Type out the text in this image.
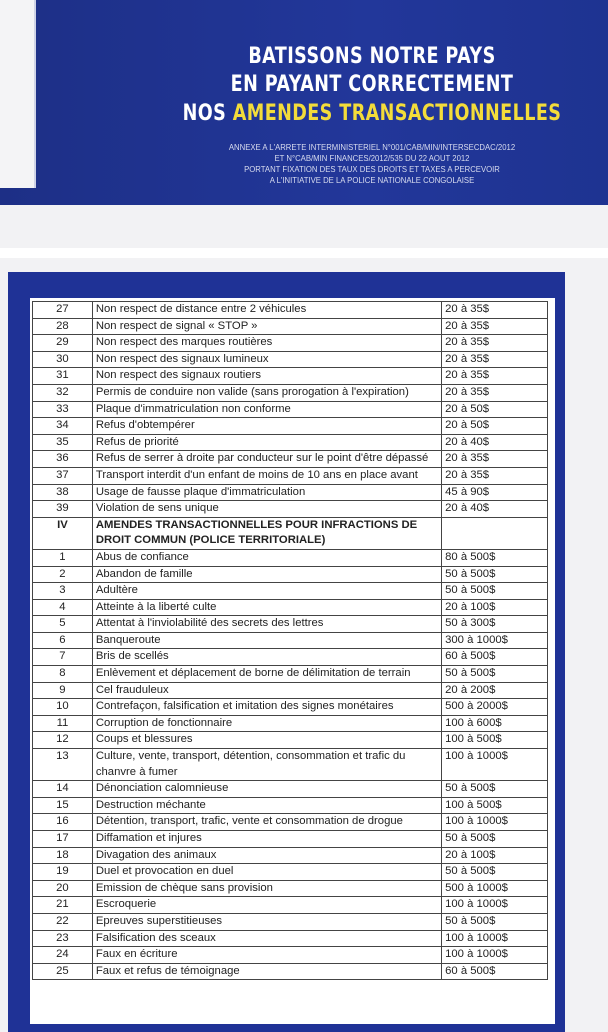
BATISSONS NOTRE PAYS
EN PAYANT CORRECTEMENT
NOS AMENDES TRANSACTIONNELLES
ANNEXE A L'ARRETE INTERMINISTERIEL N°001/CAB/MIN/INTERSECDAC/2012
ET N°CAB/MIN FINANCES/2012/535 DU 22 AOUT 2012
PORTANT FIXATION DES TAUX DES DROITS ET TAXES A PERCEVOIR
A L'INITIATIVE DE LA POLICE NATIONALE CONGOLAISE
27	Non respect de distance entre 2 véhicules	20 à 35$
28	Non respect de signal « STOP »	20 à 35$
29	Non respect des marques routières	20 à 35$
30	Non respect des signaux lumineux	20 à 35$
31	Non respect des signaux routiers	20 à 35$
32	Permis de conduire non valide (sans prorogation à l'expiration)	20 à 35$
33	Plaque d'immatriculation non conforme	20 à 50$
34	Refus d'obtempérer	20 à 50$
35	Refus de priorité	20 à 40$
36	Refus de serrer à droite par conducteur sur le point d'être dépassé	20 à 35$
37	Transport interdit d'un enfant de moins de 10 ans en place avant	20 à 35$
38	Usage de fausse plaque d'immatriculation	45 à 90$
39	Violation de sens unique	20 à 40$
IV	AMENDES TRANSACTIONNELLES POUR INFRACTIONS DE DROIT COMMUN (POLICE TERRITORIALE)	
1	Abus de confiance	80 à 500$
2	Abandon de famille	50 à 500$
3	Adultère	50 à 500$
4	Atteinte à la liberté culte	20 à 100$
5	Attentat à l'inviolabilité des secrets des lettres	50 à 300$
6	Banqueroute	300 à 1000$
7	Bris de scellés	60 à 500$
8	Enlèvement et déplacement de borne de délimitation de terrain	50 à 500$
9	Cel frauduleux	20 à 200$
10	Contrefaçon, falsification et imitation des signes monétaires	500 à 2000$
11	Corruption de fonctionnaire	100 à 600$
12	Coups et blessures	100 à 500$
13	Culture, vente, transport, détention, consommation et trafic du chanvre à fumer	100 à 1000$
14	Dénonciation calomnieuse	50 à 500$
15	Destruction méchante	100 à 500$
16	Détention, transport, trafic, vente et consommation de drogue	100 à 1000$
17	Diffamation et injures	50 à 500$
18	Divagation des animaux	20 à 100$
19	Duel et provocation en duel	50 à 500$
20	Emission de chèque sans provision	500 à 1000$
21	Escroquerie	100 à 1000$
22	Epreuves superstitieuses	50 à 500$
23	Falsification des sceaux	100 à 1000$
24	Faux en écriture	100 à 1000$
25	Faux et refus de témoignage	60 à 500$
